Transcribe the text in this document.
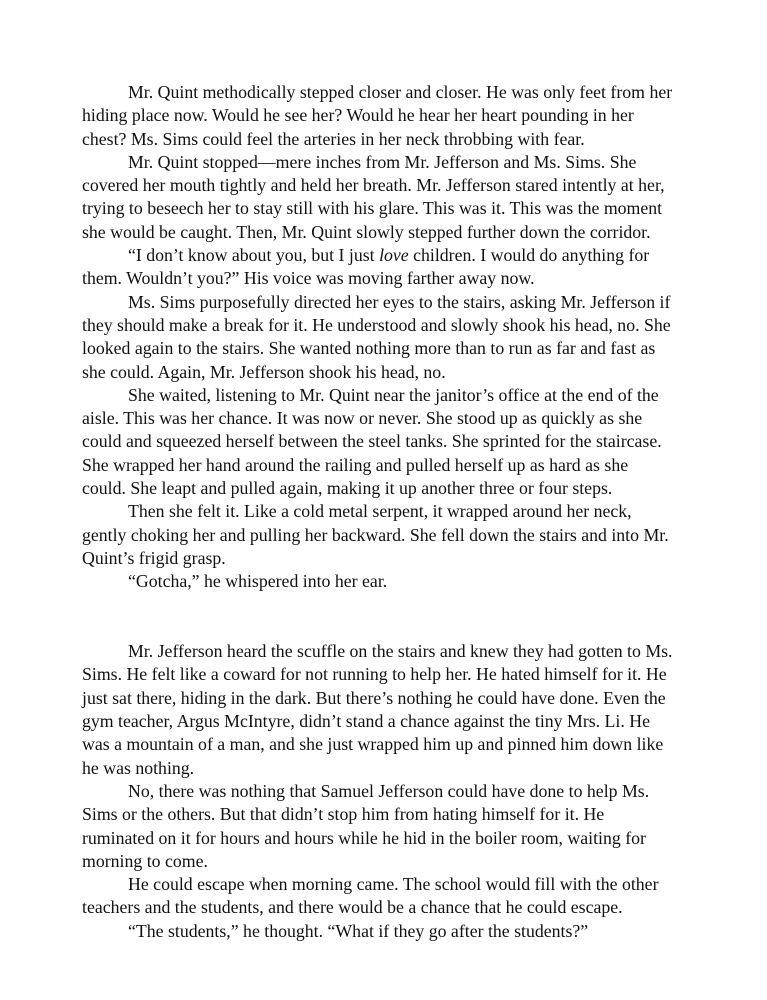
Mr. Quint methodically stepped closer and closer. He was only feet from her
hiding place now. Would he see her? Would he hear her heart pounding in her
chest? Ms. Sims could feel the arteries in her neck throbbing with fear.

Mr. Quint stopped—mere inches from Mr. Jefferson and Ms. Sims. She
covered her mouth tightly and held her breath. Mr. Jefferson stared intently at her,
trying to beseech her to stay still with his glare. This was it. This was the moment
she would be caught. Then, Mr. Quint slowly stepped further down the corridor.

“I don’t know about you, but I just love children. I would do anything for
them. Wouldn’t you?” His voice was moving farther away now.

Ms. Sims purposefully directed her eyes to the stairs, asking Mr. Jefferson if
they should make a break for it. He understood and slowly shook his head, no. She
looked again to the stairs. She wanted nothing more than to run as far and fast as
she could. Again, Mr. Jefferson shook his head, no.

She waited, listening to Mr. Quint near the janitor’s office at the end of the
aisle. This was her chance. It was now or never. She stood up as quickly as she
could and squeezed herself between the steel tanks. She sprinted for the staircase.
She wrapped her hand around the railing and pulled herself up as hard as she
could. She leapt and pulled again, making it up another three or four steps.

Then she felt it. Like a cold metal serpent, it wrapped around her neck,
gently choking her and pulling her backward. She fell down the stairs and into Mr.
Quint’s frigid grasp.

“Gotcha,” he whispered into her ear.

Mr. Jefferson heard the scuffle on the stairs and knew they had gotten to Ms.
Sims. He felt like a coward for not running to help her. He hated himself for it. He
just sat there, hiding in the dark. But there’s nothing he could have done. Even the
gym teacher, Argus McIntyre, didn’t stand a chance against the tiny Mrs. Li. He
was a mountain of a man, and she just wrapped him up and pinned him down like
he was nothing.

No, there was nothing that Samuel Jefferson could have done to help Ms.
Sims or the others. But that didn’t stop him from hating himself for it. He
ruminated on it for hours and hours while he hid in the boiler room, waiting for
morning to come.

He could escape when morning came. The school would fill with the other
teachers and the students, and there would be a chance that he could escape.

“The students,” he thought. “What if they go after the students?”
